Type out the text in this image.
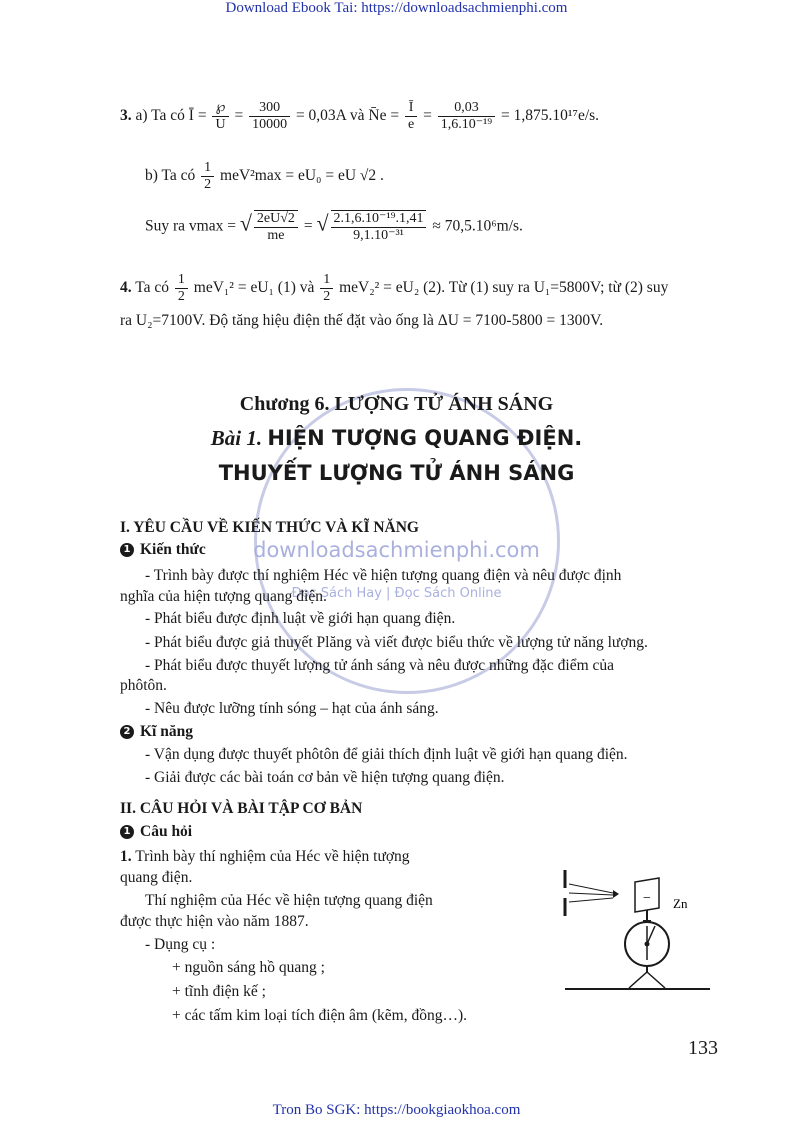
Download Ebook Tai: https://downloadsachmienphi.com
downloadsachmienphi.com
Đọc Sách Hay | Đọc Sách Online
3. a) Ta có Ī = $\frac{℘}{U} = \frac{300}{10000} = 0,03A$ và N̄e = $\frac{Ī}{e} = \frac{0,03}{\text{1,6.10⁻¹⁹}} = 1,875.10^{17}e/s$.
b) Ta có $\frac{1}{2} meV^2\max = eU_0$ = eU √2 .
Suy ra vmax = √ $\frac{2eU√2}{me}$ = √ $\frac{\text{2.1,6.10⁻¹⁹.1,41}}{\text{9,1.10⁻³¹}} \approx 70,5.10^6m/s$.
4. Ta có $\frac{1}{2} meV_1^2 = eU_1$ (1) và $\frac{1}{2} meV_2^2 = eU_2$ (2). Từ (1) suy ra U₁=5800V; từ (2) suy
ra U₂=7100V. Độ tăng hiệu điện thế đặt vào ống là ΔU = 7100-5800 = 1300V.
Chương 6. LƯỢNG TỬ ÁNH SÁNG
Bài 1. HIỆN TƯỢNG QUANG ĐIỆN.
THUYẾT LƯỢNG TỬ ÁNH SÁNG
I. YÊU CẦU VỀ KIẾN THỨC VÀ KĨ NĂNG
1 Kiến thức
- Trình bày được thí nghiệm Héc về hiện tượng quang điện và nêu được định
nghĩa của hiện tượng quang điện.
- Phát biểu được định luật về giới hạn quang điện.
- Phát biểu được giả thuyết Plăng và viết được biểu thức về lượng tử năng lượng.
- Phát biểu được thuyết lượng tử ánh sáng và nêu được những đặc điểm của
phôtôn.
- Nêu được lưỡng tính sóng – hạt của ánh sáng.
2 Kĩ năng
- Vận dụng được thuyết phôtôn để giải thích định luật về giới hạn quang điện.
- Giải được các bài toán cơ bản về hiện tượng quang điện.
II. CÂU HỎI VÀ BÀI TẬP CƠ BẢN
1 Câu hỏi
1. Trình bày thí nghiệm của Héc về hiện tượng
quang điện.
Thí nghiệm của Héc về hiện tượng quang điện
được thực hiện vào năm 1887.
- Dụng cụ :
+ nguồn sáng hồ quang ;
+ tĩnh điện kế ;
+ các tấm kim loại tích điện âm (kẽm, đồng…).
− Zn
133
Tron Bo SGK: https://bookgiaokhoa.com
